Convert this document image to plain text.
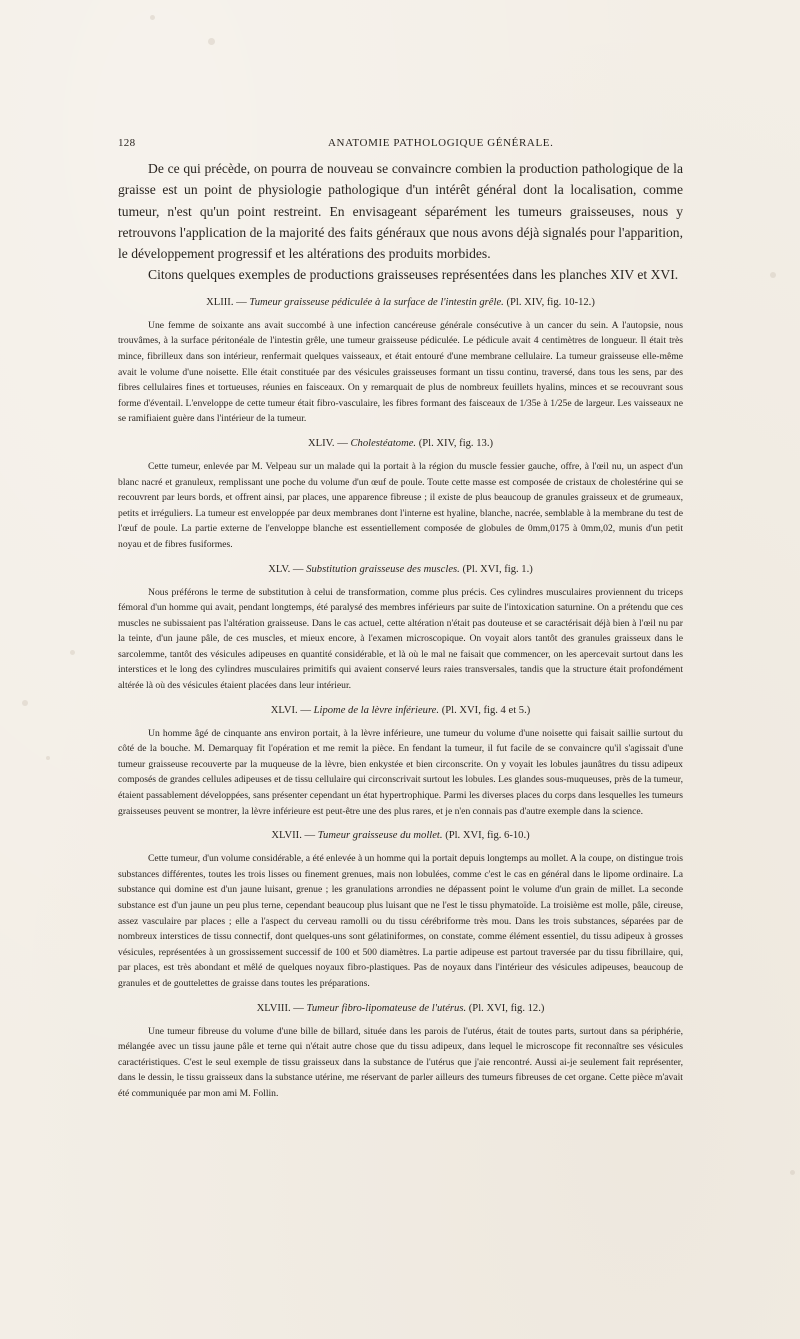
128	ANATOMIE PATHOLOGIQUE GÉNÉRALE.

De ce qui précède, on pourra de nouveau se convaincre combien la production pathologique de la graisse est un point de physiologie pathologique d'un intérêt général dont la localisation, comme tumeur, n'est qu'un point restreint. En envisageant séparément les tumeurs graisseuses, nous y retrouvons l'application de la majorité des faits généraux que nous avons déjà signalés pour l'apparition, le développement progressif et les altérations des produits morbides.

Citons quelques exemples de productions graisseuses représentées dans les planches XIV et XVI.

XLIII. — Tumeur graisseuse pédiculée à la surface de l'intestin grêle. (Pl. XIV, fig. 10-12.)

Une femme de soixante ans avait succombé à une infection cancéreuse générale consécutive à un cancer du sein. A l'autopsie, nous trouvâmes, à la surface péritonéale de l'intestin grêle, une tumeur graisseuse pédiculée. Le pédicule avait 4 centimètres de longueur. Il était très mince, fibrilleux dans son intérieur, renfermait quelques vaisseaux, et était entouré d'une membrane cellulaire. La tumeur graisseuse elle-même avait le volume d'une noisette. Elle était constituée par des vésicules graisseuses formant un tissu continu, traversé, dans tous les sens, par des fibres cellulaires fines et tortueuses, réunies en faisceaux. On y remarquait de plus de nombreux feuillets hyalins, minces et se recouvrant sous forme d'éventail. L'enveloppe de cette tumeur était fibro-vasculaire, les fibres formant des faisceaux de 1/35e à 1/25e de largeur. Les vaisseaux ne se ramifiaient guère dans l'intérieur de la tumeur.

XLIV. — Cholestéatome. (Pl. XIV, fig. 13.)

Cette tumeur, enlevée par M. Velpeau sur un malade qui la portait à la région du muscle fessier gauche, offre, à l'œil nu, un aspect d'un blanc nacré et granuleux, remplissant une poche du volume d'un œuf de poule. Toute cette masse est composée de cristaux de cholestérine qui se recouvrent par leurs bords, et offrent ainsi, par places, une apparence fibreuse ; il existe de plus beaucoup de granules graisseux et de grumeaux, petits et irréguliers. La tumeur est enveloppée par deux membranes dont l'interne est hyaline, blanche, nacrée, semblable à la membrane du test de l'œuf de poule. La partie externe de l'enveloppe blanche est essentiellement composée de globules de 0mm,0175 à 0mm,02, munis d'un petit noyau et de fibres fusiformes.

XLV. — Substitution graisseuse des muscles. (Pl. XVI, fig. 1.)

Nous préférons le terme de substitution à celui de transformation, comme plus précis. Ces cylindres musculaires proviennent du triceps fémoral d'un homme qui avait, pendant longtemps, été paralysé des membres inférieurs par suite de l'intoxication saturnine. On a prétendu que ces muscles ne subissaient pas l'altération graisseuse. Dans le cas actuel, cette altération n'était pas douteuse et se caractérisait déjà bien à l'œil nu par la teinte, d'un jaune pâle, de ces muscles, et mieux encore, à l'examen microscopique. On voyait alors tantôt des granules graisseux dans le sarcolemme, tantôt des vésicules adipeuses en quantité considérable, et là où le mal ne faisait que commencer, on les apercevait surtout dans les interstices et le long des cylindres musculaires primitifs qui avaient conservé leurs raies transversales, tandis que la structure était profondément altérée là où des vésicules étaient placées dans leur intérieur.

XLVI. — Lipome de la lèvre inférieure. (Pl. XVI, fig. 4 et 5.)

Un homme âgé de cinquante ans environ portait, à la lèvre inférieure, une tumeur du volume d'une noisette qui faisait saillie surtout du côté de la bouche. M. Demarquay fit l'opération et me remit la pièce. En fendant la tumeur, il fut facile de se convaincre qu'il s'agissait d'une tumeur graisseuse recouverte par la muqueuse de la lèvre, bien enkystée et bien circonscrite. On y voyait les lobules jaunâtres du tissu adipeux composés de grandes cellules adipeuses et de tissu cellulaire qui circonscrivait surtout les lobules. Les glandes sous-muqueuses, près de la tumeur, étaient passablement développées, sans présenter cependant un état hypertrophique. Parmi les diverses places du corps dans lesquelles les tumeurs graisseuses peuvent se montrer, la lèvre inférieure est peut-être une des plus rares, et je n'en connais pas d'autre exemple dans la science.

XLVII. — Tumeur graisseuse du mollet. (Pl. XVI, fig. 6-10.)

Cette tumeur, d'un volume considérable, a été enlevée à un homme qui la portait depuis longtemps au mollet. A la coupe, on distingue trois substances différentes, toutes les trois lisses ou finement grenues, mais non lobulées, comme c'est le cas en général dans le lipome ordinaire. La substance qui domine est d'un jaune luisant, grenue ; les granulations arrondies ne dépassent point le volume d'un grain de millet. La seconde substance est d'un jaune un peu plus terne, cependant beaucoup plus luisant que ne l'est le tissu phymatoïde. La troisième est molle, pâle, cireuse, assez vasculaire par places ; elle a l'aspect du cerveau ramolli ou du tissu cérébriforme très mou. Dans les trois substances, séparées par de nombreux interstices de tissu connectif, dont quelques-uns sont gélatiniformes, on constate, comme élément essentiel, du tissu adipeux à grosses vésicules, représentées à un grossissement successif de 100 et 500 diamètres. La partie adipeuse est partout traversée par du tissu fibrillaire, qui, par places, est très abondant et mêlé de quelques noyaux fibro-plastiques. Pas de noyaux dans l'intérieur des vésicules adipeuses, beaucoup de granules et de gouttelettes de graisse dans toutes les préparations.

XLVIII. — Tumeur fibro-lipomateuse de l'utérus. (Pl. XVI, fig. 12.)

Une tumeur fibreuse du volume d'une bille de billard, située dans les parois de l'utérus, était de toutes parts, surtout dans sa périphérie, mélangée avec un tissu jaune pâle et terne qui n'était autre chose que du tissu adipeux, dans lequel le microscope fit reconnaître ses vésicules caractéristiques. C'est le seul exemple de tissu graisseux dans la substance de l'utérus que j'aie rencontré. Aussi ai-je seulement fait représenter, dans le dessin, le tissu graisseux dans la substance utérine, me réservant de parler ailleurs des tumeurs fibreuses de cet organe. Cette pièce m'avait été communiquée par mon ami M. Follin.
